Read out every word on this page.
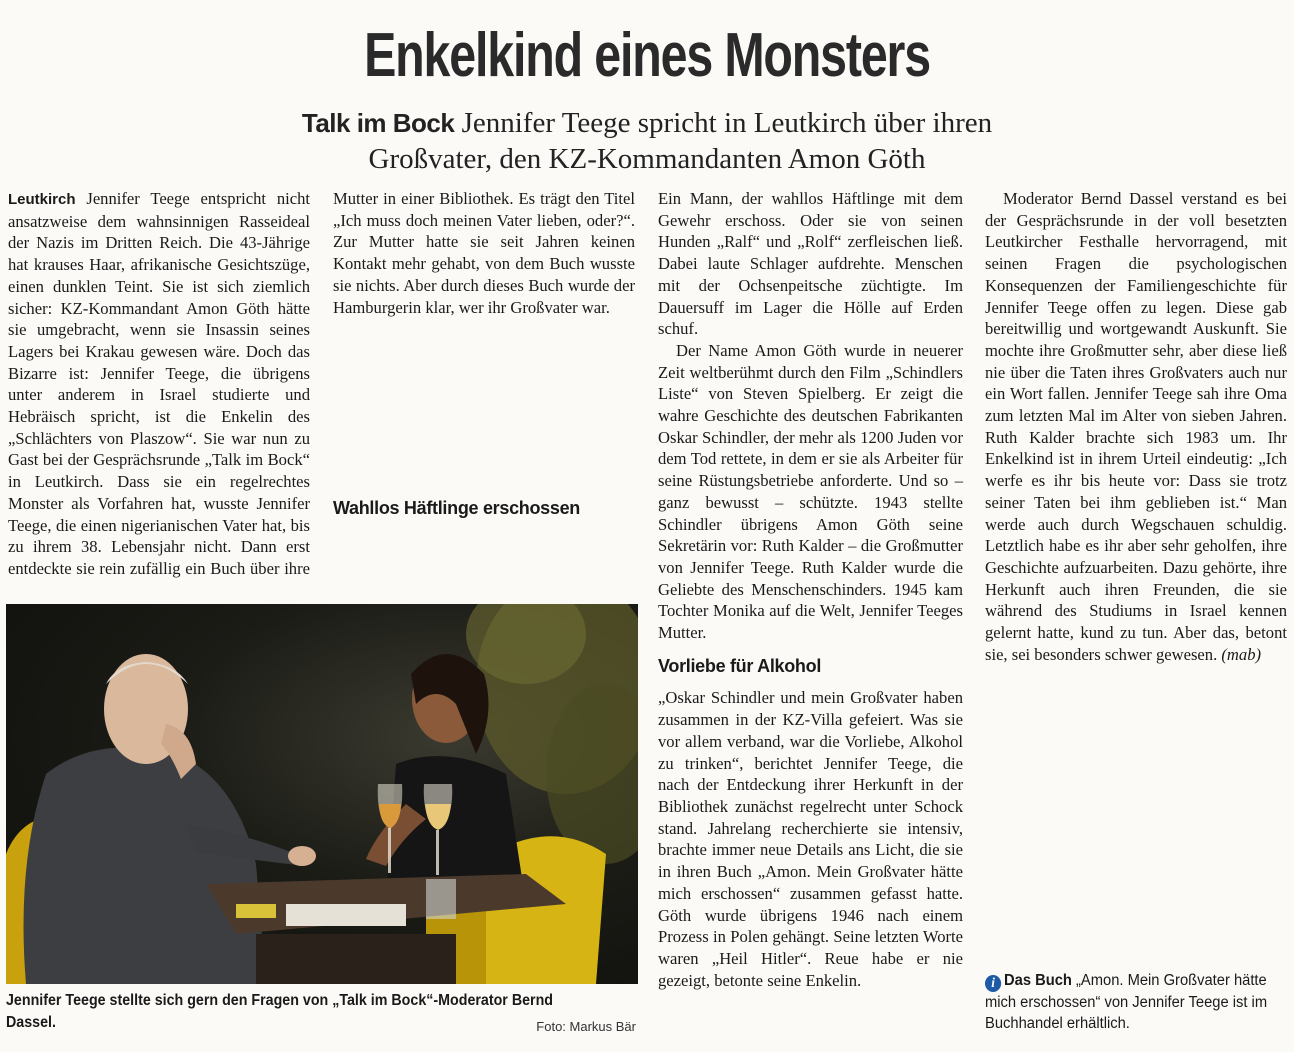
Enkelkind eines Monsters
Talk im Bock Jennifer Teege spricht in Leutkirch über ihren
Großvater, den KZ-Kommandanten Amon Göth

Leutkirch Jennifer Teege entspricht nicht ansatzweise dem wahnsinnigen Rasseideal der Nazis im Dritten Reich. Die 43-Jährige hat krauses Haar, afrikanische Gesichtszüge, einen dunklen Teint. Sie ist sich ziemlich sicher: KZ-Kommandant Amon Göth hätte sie umgebracht, wenn sie Insassin seines Lagers bei Krakau gewesen wäre. Doch das Bizarre ist: Jennifer Teege, die übrigens unter anderem in Israel studierte und Hebräisch spricht, ist die Enkelin des „Schlächters von Plaszow“. Sie war nun zu Gast bei der Gesprächsrunde „Talk im Bock“ in Leutkirch. Dass sie ein regelrechtes Monster als Vorfahren hat, wusste Jennifer Teege, die einen nigerianischen Vater hat, bis zu ihrem 38. Lebensjahr nicht. Dann erst entdeckte sie rein zufällig ein Buch über ihre Mutter in einer Bibliothek. Es trägt den Titel „Ich muss doch meinen Vater lieben, oder?“. Zur Mutter hatte sie seit Jahren keinen Kontakt mehr gehabt, von dem Buch wusste sie nichts. Aber durch dieses Buch wurde der Hamburgerin klar, wer ihr Großvater war.

Jennifer Teege stellte sich gern den Fragen von „Talk im Bock“-Moderator Bernd Dassel.	Foto: Markus Bär

Ein Mann, der wahllos Häftlinge mit dem Gewehr erschoss. Oder sie von seinen Hunden „Ralf“ und „Rolf“ zerfleischen ließ. Dabei laute Schlager aufdrehte. Menschen mit der Ochsenpeitsche züchtigte. Im Dauersuff im Lager die Hölle auf Erden schuf.

Der Name Amon Göth wurde in neuerer Zeit weltberühmt durch den Film „Schindlers Liste“ von Steven Spielberg. Er zeigt die wahre Geschichte des deutschen Fabrikanten Oskar Schindler, der mehr als 1200 Juden vor dem Tod rettete, in dem er sie als Arbeiter für seine Rüstungsbetriebe anforderte. Und so – ganz bewusst – schützte. 1943 stellte Schindler übrigens Amon Göth seine Sekretärin vor: Ruth Kalder – die Großmutter von Jennifer Teege. Ruth Kalder wurde die Geliebte des Menschenschinders. 1945 kam Tochter Monika auf die Welt, Jennifer Teeges Mutter.

Vorliebe für Alkohol

„Oskar Schindler und mein Großvater haben zusammen in der KZ-Villa gefeiert. Was sie vor allem verband, war die Vorliebe, Alkohol zu trinken“, berichtet Jennifer Teege, die nach der Entdeckung ihrer Herkunft in der Bibliothek zunächst regelrecht unter Schock stand. Jahrelang recherchierte sie intensiv, brachte immer neue Details ans Licht, die sie in ihren Buch „Amon. Mein Großvater hätte mich erschossen“ zusammen gefasst hatte. Göth wurde übrigens 1946 nach einem Prozess in Polen gehängt. Seine letzten Worte waren „Heil Hitler“. Reue habe er nie gezeigt, betonte seine Enkelin.

Moderator Bernd Dassel verstand es bei der Gesprächsrunde in der voll besetzten Leutkircher Festhalle hervorragend, mit seinen Fragen die psychologischen Konsequenzen der Familiengeschichte für Jennifer Teege offen zu legen. Diese gab bereitwillig und wortgewandt Auskunft. Sie mochte ihre Großmutter sehr, aber diese ließ nie über die Taten ihres Großvaters auch nur ein Wort fallen. Jennifer Teege sah ihre Oma zum letzten Mal im Alter von sieben Jahren. Ruth Kalder brachte sich 1983 um. Ihr Enkelkind ist in ihrem Urteil eindeutig: „Ich werfe es ihr bis heute vor: Dass sie trotz seiner Taten bei ihm geblieben ist.“ Man werde auch durch Wegschauen schuldig. Letztlich habe es ihr aber sehr geholfen, ihre Geschichte aufzuarbeiten. Dazu gehörte, ihre Herkunft auch ihren Freunden, die sie während des Studiums in Israel kennen gelernt hatte, kund zu tun. Aber das, betont sie, sei besonders schwer gewesen. (mab)

Wahllos Häftlinge erschossen
i Das Buch „Amon. Mein Großvater hätte mich erschossen“ von Jennifer Teege ist im Buchhandel erhältlich.
